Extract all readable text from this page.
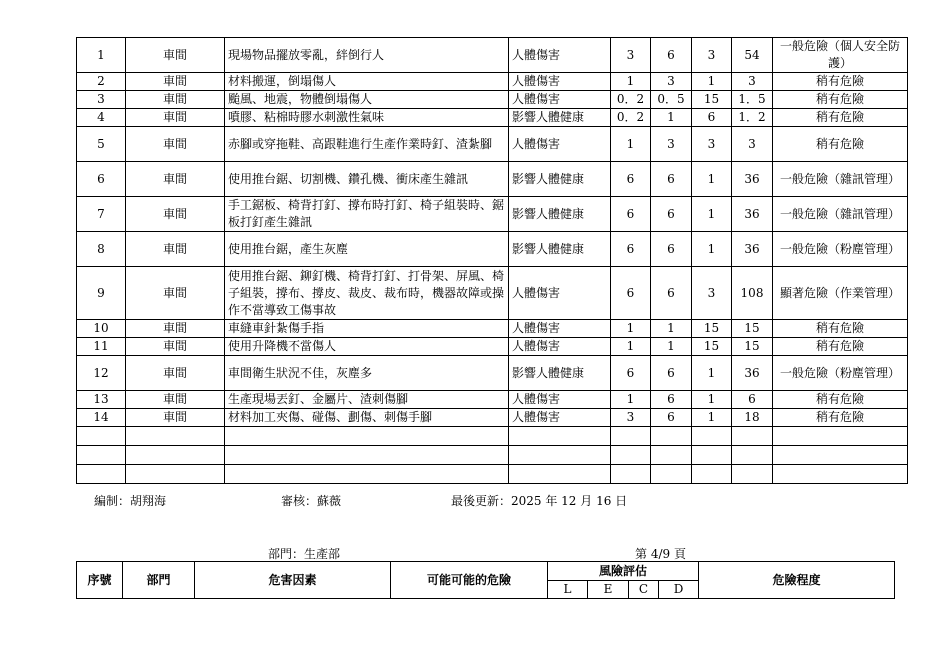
1	車間	現場物品擺放零亂，絆倒行人	人體傷害	3	6	3	54	一般危險（個人安全防護）
2	車間	材料搬運，倒塌傷人	人體傷害	1	3	1	3	稍有危險
3	車間	颱風、地震，物體倒塌傷人	人體傷害	0．2	0．5	15	1．5	稍有危險
4	車間	噴膠、粘棉時膠水刺激性氣味	影響人體健康	0．2	1	6	1．2	稍有危險
5	車間	赤腳或穿拖鞋、高跟鞋進行生產作業時釘、渣紮腳	人體傷害	1	3	3	3	稍有危險
6	車間	使用推台鋸、切割機、鑽孔機、衝床產生雜訊	影響人體健康	6	6	1	36	一般危險（雜訊管理）
7	車間	手工鋸板、椅背打釘、撐布時打釘、椅子組裝時、鋸板打釘產生雜訊	影響人體健康	6	6	1	36	一般危險（雜訊管理）
8	車間	使用推台鋸，產生灰塵	影響人體健康	6	6	1	36	一般危險（粉塵管理）
9	車間	使用推台鋸、鉚釘機、椅背打釘、打骨架、屏風、椅子組裝，撐布、撐皮、裁皮、裁布時，機器故障或操作不當導致工傷事故	人體傷害	6	6	3	108	顯著危險（作業管理）
10	車間	車縫車針紮傷手指	人體傷害	1	1	15	15	稍有危險
11	車間	使用升降機不當傷人	人體傷害	1	1	15	15	稍有危險
12	車間	車間衛生狀況不佳，灰塵多	影響人體健康	6	6	1	36	一般危險（粉塵管理）
13	車間	生產現場丟釘、金屬片、渣刺傷腳	人體傷害	1	6	1	6	稍有危險
14	車間	材料加工夾傷、碰傷、劃傷、刺傷手腳	人體傷害	3	6	1	18	稍有危險

編制：胡翔海	審核：蘇薇	最後更新：2025 年 12 月 16 日
部門：生產部	第 4/9 頁
序號	部門	危害因素	可能可能的危險	風險評估				危險程度
				L	E	C	D	
